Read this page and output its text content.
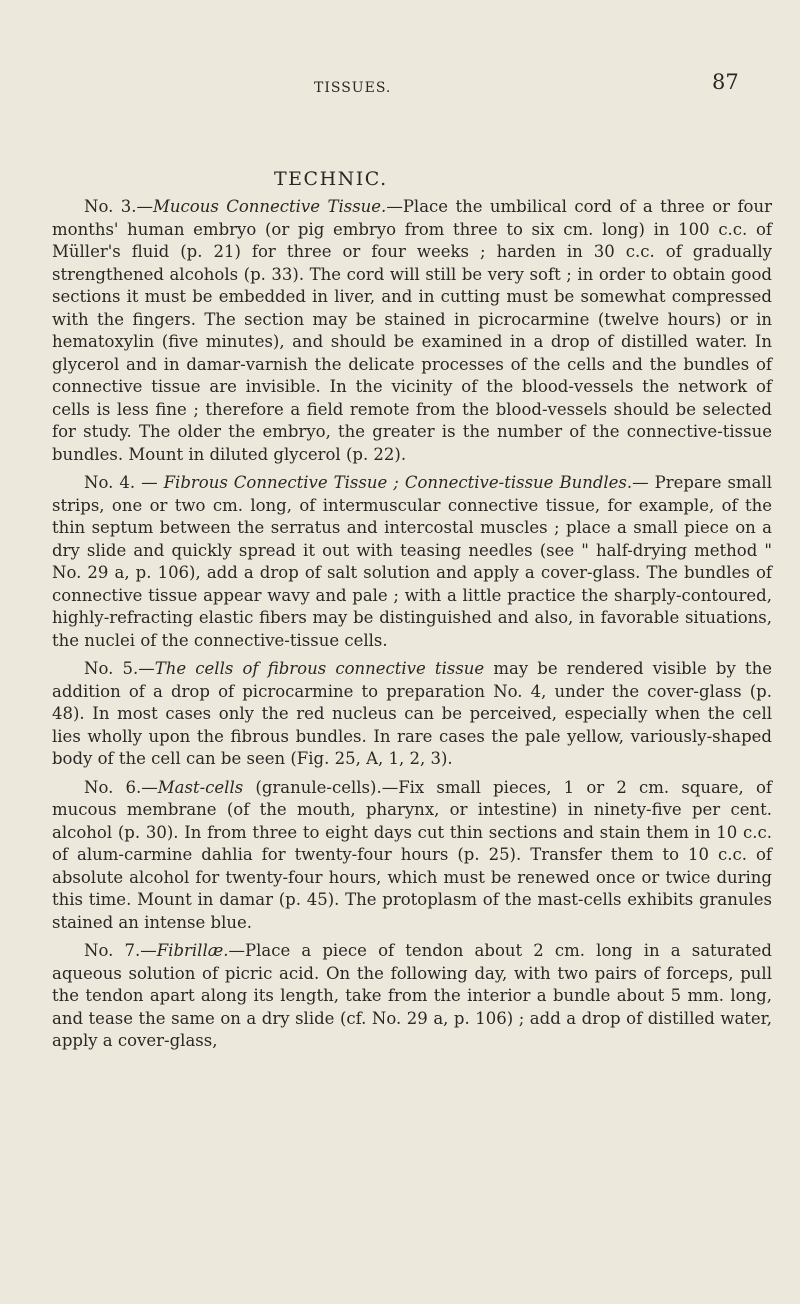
TISSUES.	87
TECHNIC.

No. 3.—Mucous Connective Tissue.—Place the umbilical cord of a three or four months' human embryo (or pig embryo from three to six cm. long) in 100 c.c. of Müller's fluid (p. 21) for three or four weeks ; harden in 30 c.c. of gradually strengthened alcohols (p. 33). The cord will still be very soft ; in order to obtain good sections it must be embedded in liver, and in cutting must be somewhat compressed with the fingers. The section may be stained in picrocarmine (twelve hours) or in hematoxylin (five minutes), and should be examined in a drop of distilled water. In glycerol and in damar-varnish the delicate processes of the cells and the bundles of connective tissue are invisible. In the vicinity of the blood-vessels the network of cells is less fine ; therefore a field remote from the blood-vessels should be selected for study. The older the embryo, the greater is the number of the connective-tissue bundles. Mount in diluted glycerol (p. 22).

No. 4. — Fibrous Connective Tissue ; Connective-tissue Bundles.— Prepare small strips, one or two cm. long, of intermuscular connective tissue, for example, of the thin septum between the serratus and intercostal muscles ; place a small piece on a dry slide and quickly spread it out with teasing needles (see " half-drying method " No. 29 a, p. 106), add a drop of salt solution and apply a cover-glass. The bundles of connective tissue appear wavy and pale ; with a little practice the sharply-contoured, highly-refracting elastic fibers may be distinguished and also, in favorable situations, the nuclei of the connective-tissue cells.

No. 5.—The cells of fibrous connective tissue may be rendered visible by the addition of a drop of picrocarmine to preparation No. 4, under the cover-glass (p. 48). In most cases only the red nucleus can be perceived, especially when the cell lies wholly upon the fibrous bundles. In rare cases the pale yellow, variously-shaped body of the cell can be seen (Fig. 25, A, 1, 2, 3).

No. 6.—Mast-cells (granule-cells).—Fix small pieces, 1 or 2 cm. square, of mucous membrane (of the mouth, pharynx, or intestine) in ninety-five per cent. alcohol (p. 30). In from three to eight days cut thin sections and stain them in 10 c.c. of alum-carmine dahlia for twenty-four hours (p. 25). Transfer them to 10 c.c. of absolute alcohol for twenty-four hours, which must be renewed once or twice during this time. Mount in damar (p. 45). The protoplasm of the mast-cells exhibits granules stained an intense blue.

No. 7.—Fibrillæ.—Place a piece of tendon about 2 cm. long in a saturated aqueous solution of picric acid. On the following day, with two pairs of forceps, pull the tendon apart along its length, take from the interior a bundle about 5 mm. long, and tease the same on a dry slide (cf. No. 29 a, p. 106) ; add a drop of distilled water, apply a cover-glass,
